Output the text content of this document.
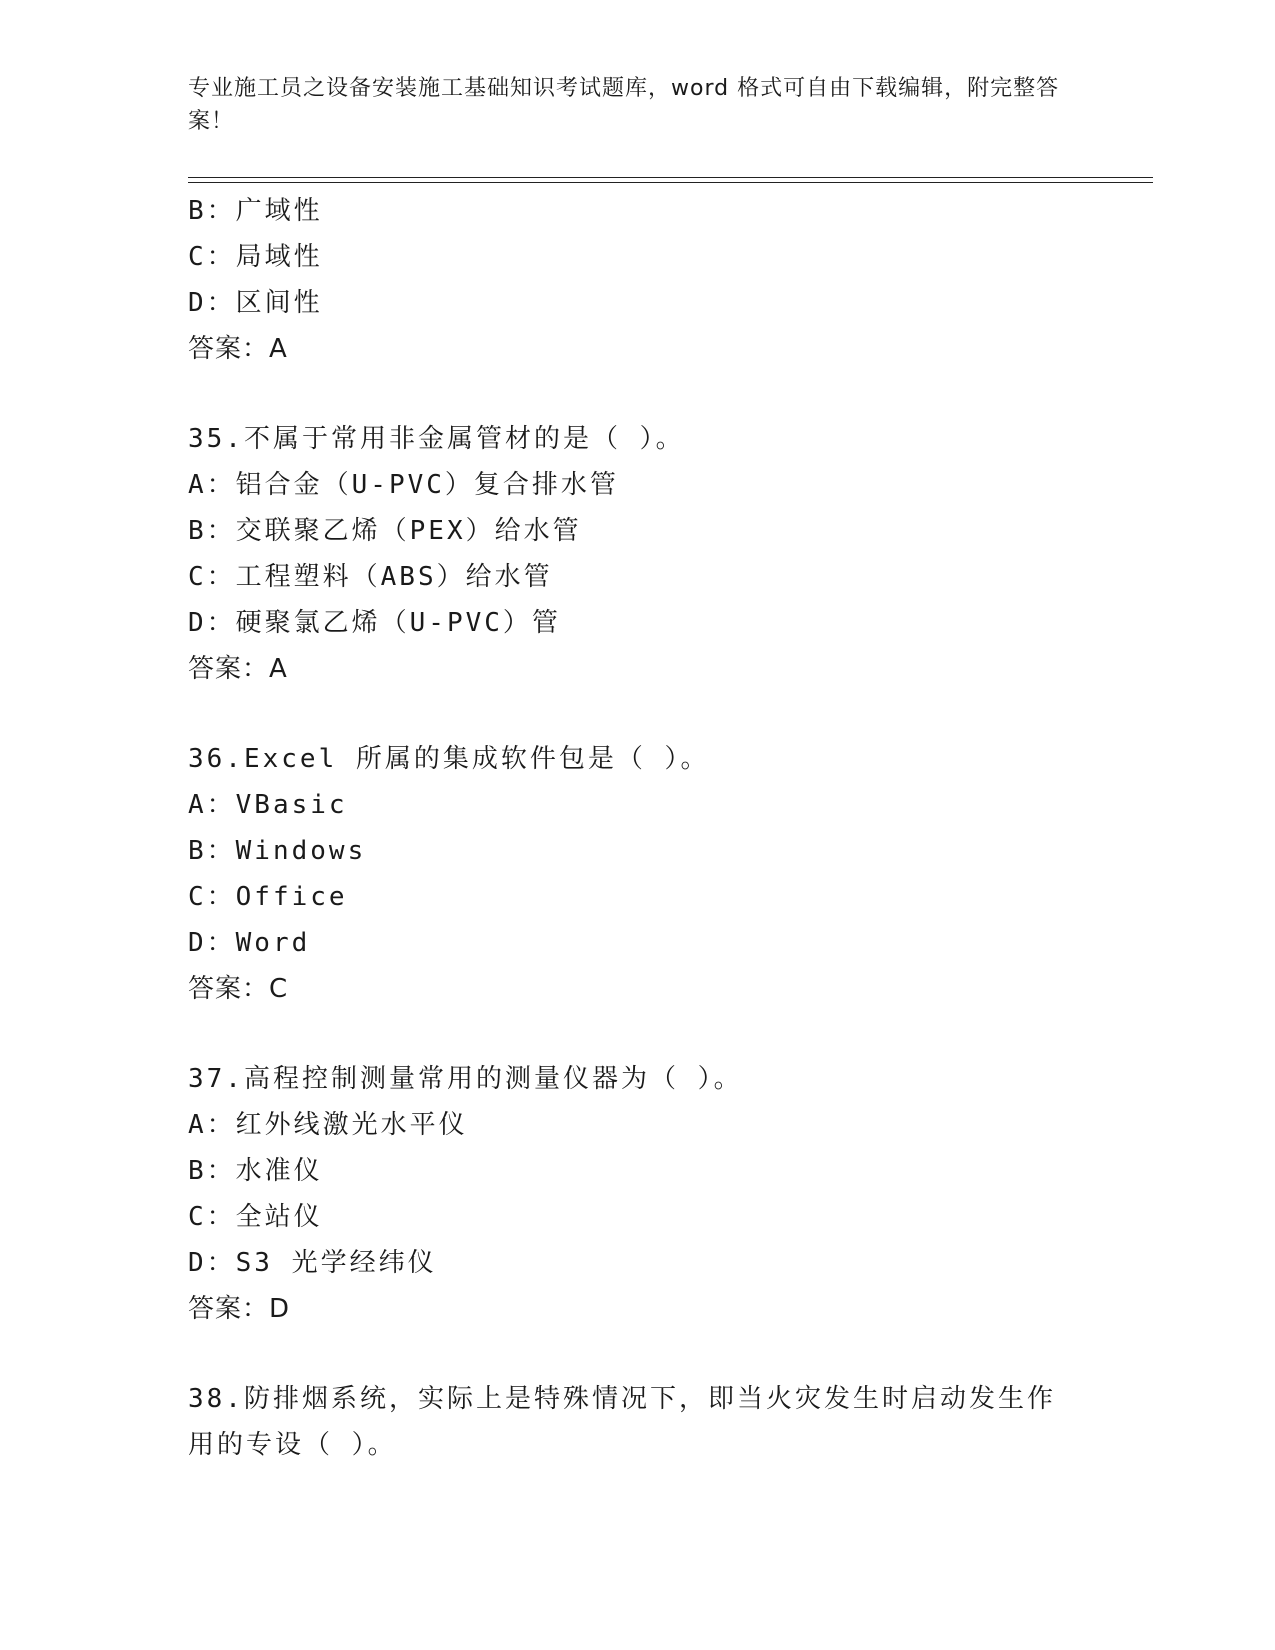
专业施工员之设备安装施工基础知识考试题库，word 格式可自由下载编辑，附完整答案！
B：广域性
C：局域性
D：区间性
答案：A
35.不属于常用非金属管材的是（ ）。
A：铝合金（U-PVC）复合排水管
B：交联聚乙烯（PEX）给水管
C：工程塑料（ABS）给水管
D：硬聚氯乙烯（U-PVC）管
答案：A
36.Excel 所属的集成软件包是（ ）。
A：VBasic
B：Windows
C：Office
D：Word
答案：C
37.高程控制测量常用的测量仪器为（ ）。
A：红外线激光水平仪
B：水准仪
C：全站仪
D：S3 光学经纬仪
答案：D
38.防排烟系统，实际上是特殊情况下，即当火灾发生时启动发生作用的专设（ ）。
